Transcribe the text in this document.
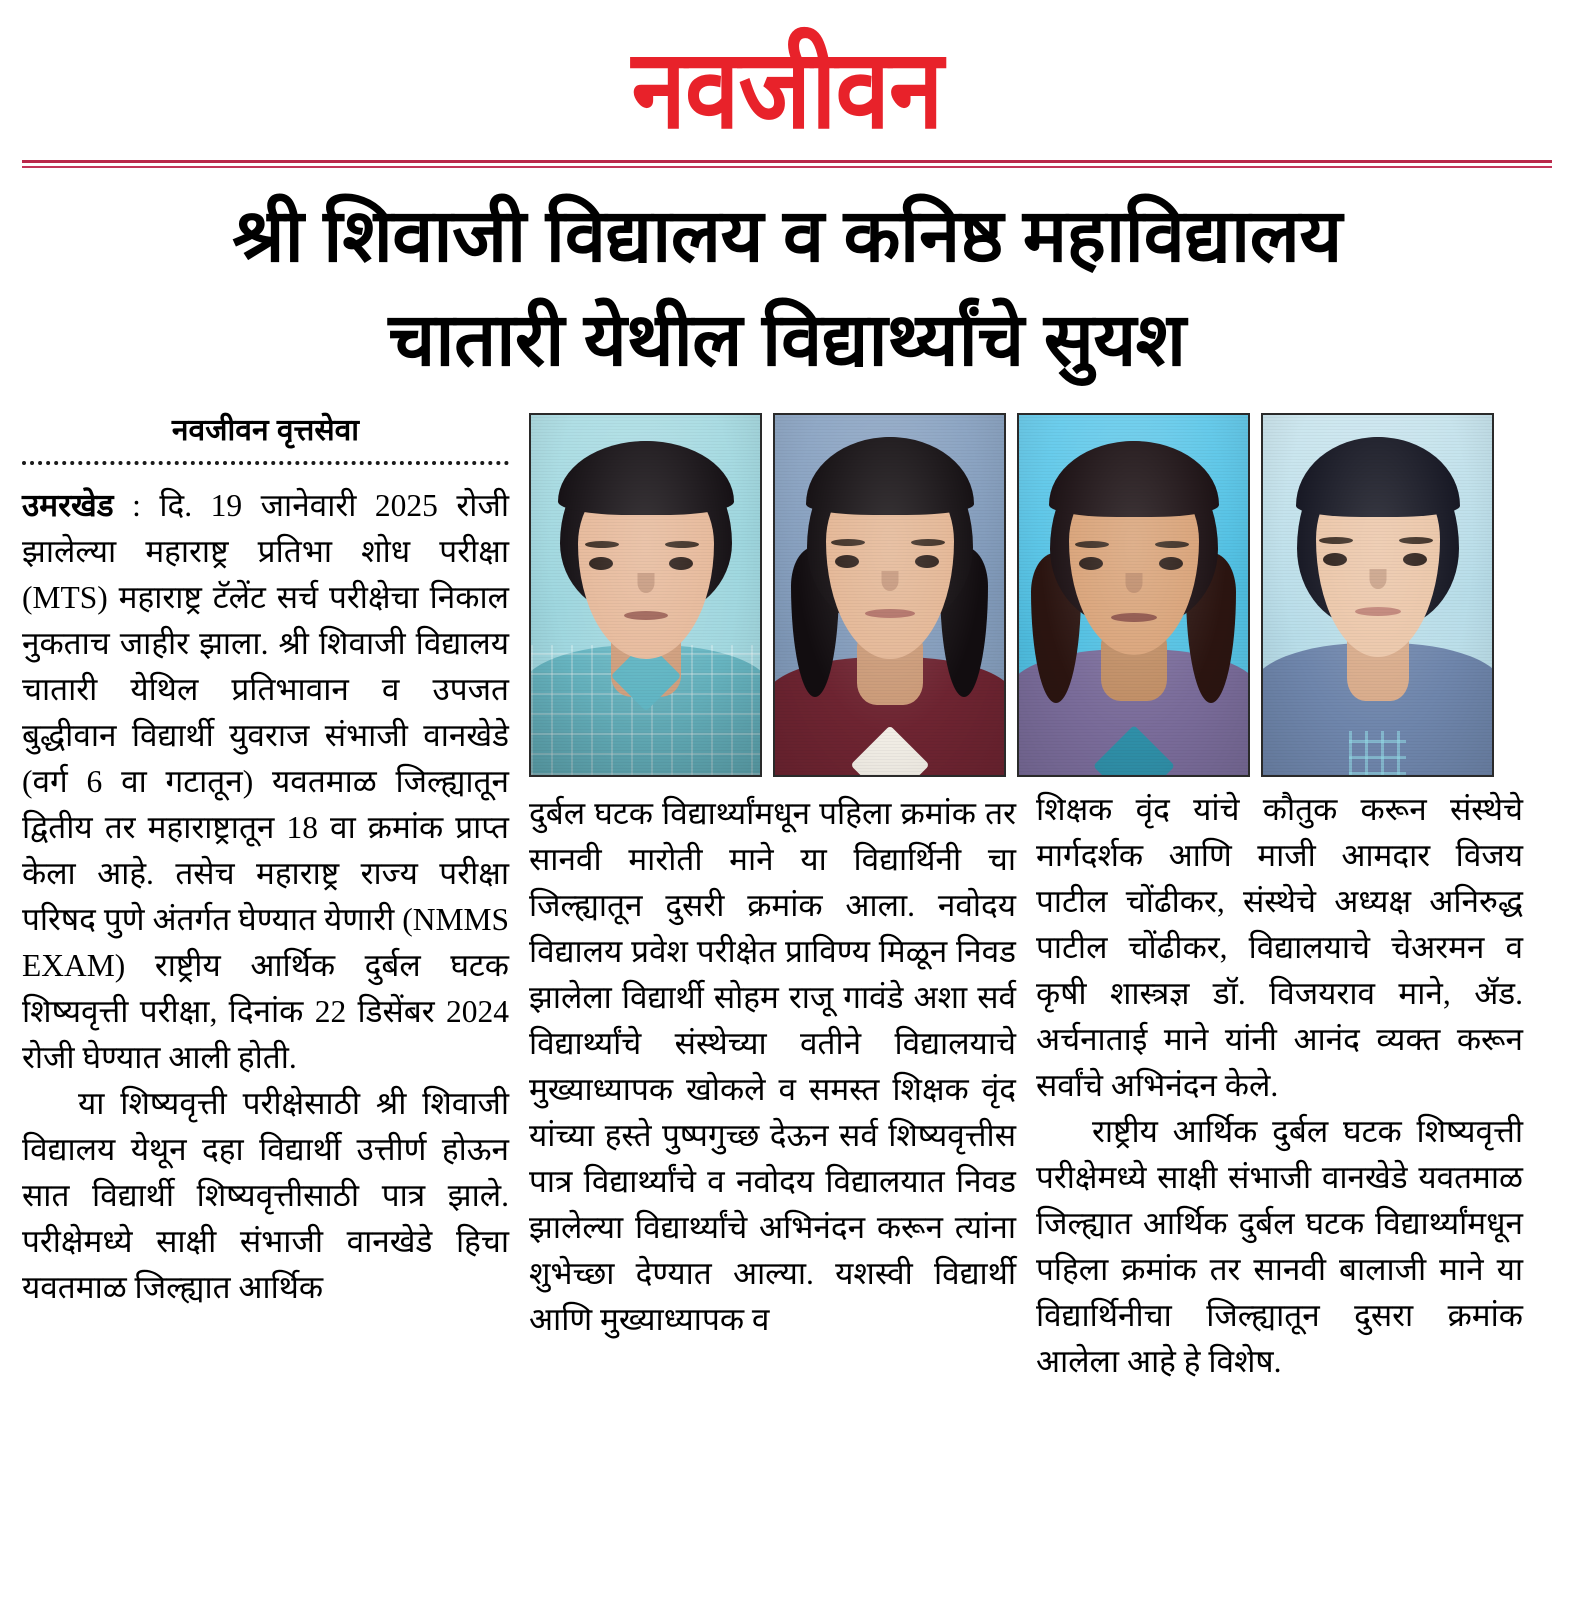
नवजीवन
श्री शिवाजी विद्यालय व कनिष्ठ महाविद्यालय
चातारी येथील विद्यार्थ्यांचे सुयश
नवजीवन वृत्तसेवा

उमरखेड : दि. 19 जानेवारी 2025 रोजी झालेल्या महाराष्ट्र प्रतिभा शोध परीक्षा (MTS) महाराष्ट्र टॅलेंट सर्च परीक्षेचा निकाल नुकताच जाहीर झाला. श्री शिवाजी विद्यालय चातारी येथिल प्रतिभावान व उपजत बुद्धीवान विद्यार्थी युवराज संभाजी वानखेडे (वर्ग 6 वा गटातून) यवतमाळ जिल्ह्यातून द्वितीय तर महाराष्ट्रातून 18 वा क्रमांक प्राप्त केला आहे. तसेच महाराष्ट्र राज्य परीक्षा परिषद पुणे अंतर्गत घेण्यात येणारी (NMMS EXAM) राष्ट्रीय आर्थिक दुर्बल घटक शिष्यवृत्ती परीक्षा, दिनांक 22 डिसेंबर 2024 रोजी घेण्यात आली होती.

या शिष्यवृत्ती परीक्षेसाठी श्री शिवाजी विद्यालय येथून दहा विद्यार्थी उत्तीर्ण होऊन सात विद्यार्थी शिष्यवृत्तीसाठी पात्र झाले. परीक्षेमध्ये साक्षी संभाजी वानखेडे हिचा यवतमाळ जिल्ह्यात आर्थिक

दुर्बल घटक विद्यार्थ्यांमधून पहिला क्रमांक तर सानवी मारोती माने या विद्यार्थिनी चा जिल्ह्यातून दुसरी क्रमांक आला. नवोदय विद्यालय प्रवेश परीक्षेत प्राविण्य मिळून निवड झालेला विद्यार्थी सोहम राजू गावंडे अशा सर्व विद्यार्थ्यांचे संस्थेच्या वतीने विद्यालयाचे मुख्याध्यापक खोकले व समस्त शिक्षक वृंद यांच्या हस्ते पुष्पगुच्छ देऊन सर्व शिष्यवृत्तीस पात्र विद्यार्थ्यांचे व नवोदय विद्यालयात निवड झालेल्या विद्यार्थ्यांचे अभिनंदन करून त्यांना शुभेच्छा देण्यात आल्या. यशस्वी विद्यार्थी आणि मुख्याध्यापक व

शिक्षक वृंद यांचे कौतुक करून संस्थेचे मार्गदर्शक आणि माजी आमदार विजय पाटील चोंढीकर, संस्थेचे अध्यक्ष अनिरुद्ध पाटील चोंढीकर, विद्यालयाचे चेअरमन व कृषी शास्त्रज्ञ डॉ. विजयराव माने, ॲड. अर्चनाताई माने यांनी आनंद व्यक्त करून सर्वांचे अभिनंदन केले.

राष्ट्रीय आर्थिक दुर्बल घटक शिष्यवृत्ती परीक्षेमध्ये साक्षी संभाजी वानखेडे यवतमाळ जिल्ह्यात आर्थिक दुर्बल घटक विद्यार्थ्यांमधून पहिला क्रमांक तर सानवी बालाजी माने या विद्यार्थिनीचा जिल्ह्यातून दुसरा क्रमांक आलेला आहे हे विशेष.
